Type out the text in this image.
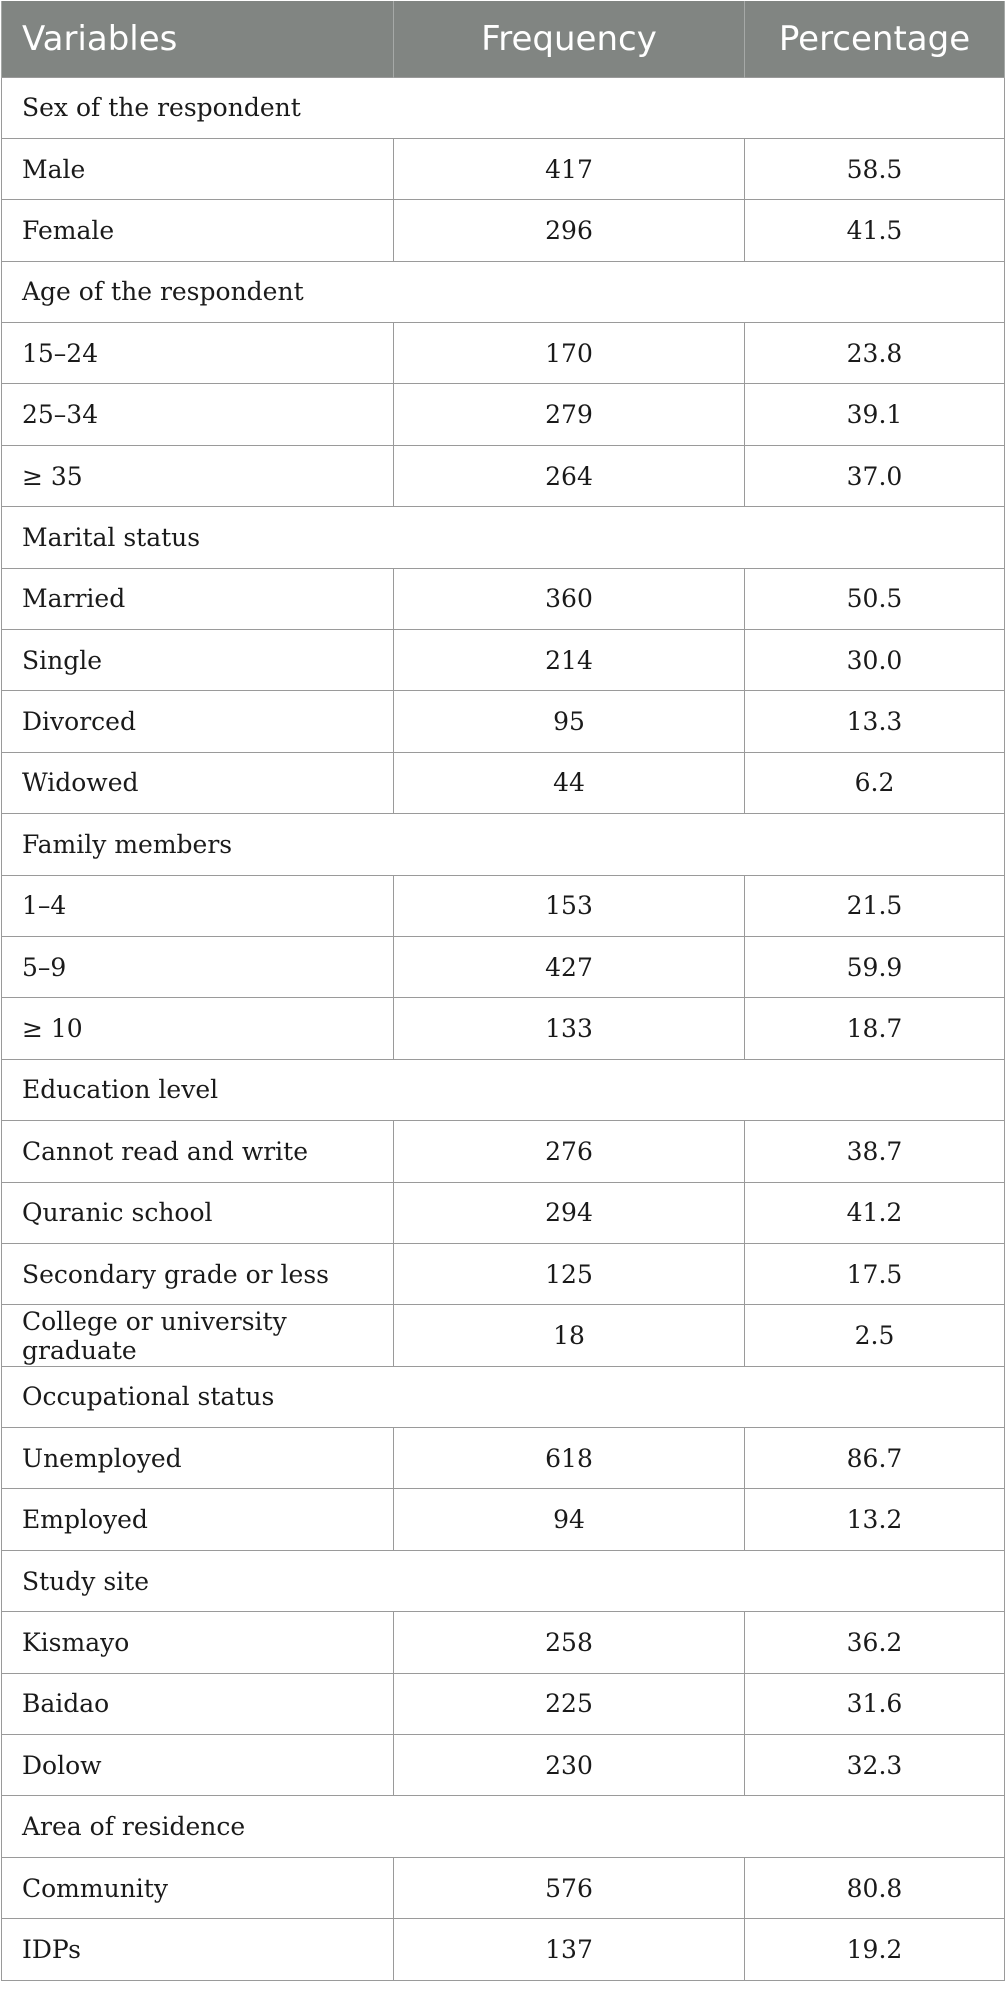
Variables	Frequency	Percentage
Sex of the respondent		
Male	417	58.5
Female	296	41.5
Age of the respondent		
15–24	170	23.8
25–34	279	39.1
≥ 35	264	37.0
Marital status		
Married	360	50.5
Single	214	30.0
Divorced	95	13.3
Widowed	44	6.2
Family members		
1–4	153	21.5
5–9	427	59.9
≥ 10	133	18.7
Education level		
Cannot read and write	276	38.7
Quranic school	294	41.2
Secondary grade or less	125	17.5
College or university graduate	18	2.5
Occupational status		
Unemployed	618	86.7
Employed	94	13.2
Study site		
Kismayo	258	36.2
Baidao	225	31.6
Dolow	230	32.3
Area of residence		
Community	576	80.8
IDPs	137	19.2
